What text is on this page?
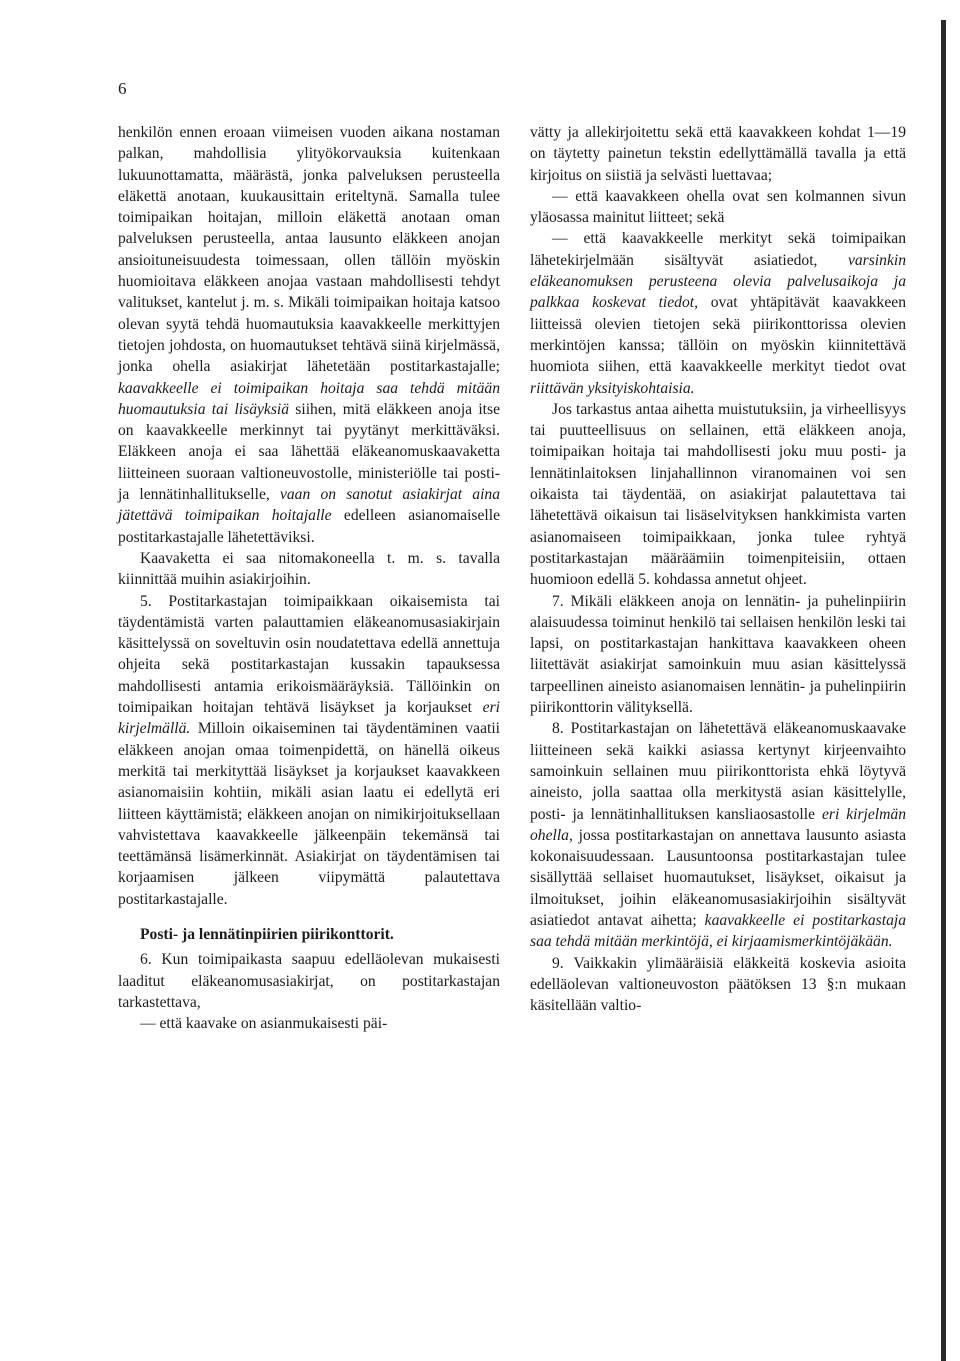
6

henkilön ennen eroaan viimeisen vuoden aikana nostaman palkan, mahdollisia ylityökorvauksia kuitenkaan lukuunottamatta, määrästä, jonka palveluksen perusteella eläkettä anotaan, kuukausittain eriteltynä. Samalla tulee toimipaikan hoitajan, milloin eläkettä anotaan oman palveluksen perusteella, antaa lausunto eläkkeen anojan ansioituneisuudesta toimessaan, ollen tällöin myöskin huomioitava eläkkeen anojaa vastaan mahdollisesti tehdyt valitukset, kantelut j. m. s. Mikäli toimipaikan hoitaja katsoo olevan syytä tehdä huomautuksia kaavakkeelle merkittyjen tietojen johdosta, on huomautukset tehtävä siinä kirjelmässä, jonka ohella asiakirjat lähetetään postitarkastajalle; kaavakkeelle ei toimipaikan hoitaja saa tehdä mitään huomautuksia tai lisäyksiä siihen, mitä eläkkeen anoja itse on kaavakkeelle merkinnyt tai pyytänyt merkittäväksi. Eläkkeen anoja ei saa lähettää eläkeanomuskaavaketta liitteineen suoraan valtioneuvostolle, ministeriölle tai posti- ja lennätinhallitukselle, vaan on sanotut asiakirjat aina jätettävä toimipaikan hoitajalle edelleen asianomaiselle postitarkastajalle lähetettäviksi.

Kaavaketta ei saa nitomakoneella t. m. s. tavalla kiinnittää muihin asiakirjoihin.

5. Postitarkastajan toimipaikkaan oikaisemista tai täydentämistä varten palauttamien eläkeanomusasiakirjain käsittelyssä on soveltuvin osin noudatettava edellä annettuja ohjeita sekä postitarkastajan kussakin tapauksessa mahdollisesti antamia erikoismääräyksiä. Tällöinkin on toimipaikan hoitajan tehtävä lisäykset ja korjaukset eri kirjelmällä. Milloin oikaiseminen tai täydentäminen vaatii eläkkeen anojan omaa toimenpidettä, on hänellä oikeus merkitä tai merkityttää lisäykset ja korjaukset kaavakkeen asianomaisiin kohtiin, mikäli asian laatu ei edellytä eri liitteen käyttämistä; eläkkeen anojan on nimikirjoituksellaan vahvistettava kaavakkeelle jälkeenpäin tekemänsä tai teettämänsä lisämerkinnät. Asiakirjat on täydentämisen tai korjaamisen jälkeen viipymättä palautettava postitarkastajalle.

Posti- ja lennätinpiirien piirikonttorit.

6. Kun toimipaikasta saapuu edelläolevan mukaisesti laaditut eläkeanomusasiakirjat, on postitarkastajan tarkastettava,

— että kaavake on asianmukaisesti päi-

vätty ja allekirjoitettu sekä että kaavakkeen kohdat 1—19 on täytetty painetun tekstin edellyttämällä tavalla ja että kirjoitus on siistiä ja selvästi luettavaa;

— että kaavakkeen ohella ovat sen kolmannen sivun yläosassa mainitut liitteet; sekä

— että kaavakkeelle merkityt sekä toimipaikan lähetekirjelmään sisältyvät asiatiedot, varsinkin eläkeanomuksen perusteena olevia palvelusaikoja ja palkkaa koskevat tiedot, ovat yhtäpitävät kaavakkeen liitteissä olevien tietojen sekä piirikonttorissa olevien merkintöjen kanssa; tällöin on myöskin kiinnitettävä huomiota siihen, että kaavakkeelle merkityt tiedot ovat riittävän yksityiskohtaisia.

Jos tarkastus antaa aihetta muistutuksiin, ja virheellisyys tai puutteellisuus on sellainen, että eläkkeen anoja, toimipaikan hoitaja tai mahdollisesti joku muu posti- ja lennätinlaitoksen linjahallinnon viranomainen voi sen oikaista tai täydentää, on asiakirjat palautettava tai lähetettävä oikaisun tai lisäselvityksen hankkimista varten asianomaiseen toimipaikkaan, jonka tulee ryhtyä postitarkastajan määräämiin toimenpiteisiin, ottaen huomioon edellä 5. kohdassa annetut ohjeet.

7. Mikäli eläkkeen anoja on lennätin- ja puhelinpiirin alaisuudessa toiminut henkilö tai sellaisen henkilön leski tai lapsi, on postitarkastajan hankittava kaavakkeen oheen liitettävät asiakirjat samoinkuin muu asian käsittelyssä tarpeellinen aineisto asianomaisen lennätin- ja puhelinpiirin piirikonttorin välityksellä.

8. Postitarkastajan on lähetettävä eläkeanomuskaavake liitteineen sekä kaikki asiassa kertynyt kirjeenvaihto samoinkuin sellainen muu piirikonttorista ehkä löytyvä aineisto, jolla saattaa olla merkitystä asian käsittelylle, posti- ja lennätinhallituksen kansliaosastolle eri kirjelmän ohella, jossa postitarkastajan on annettava lausunto asiasta kokonaisuudessaan. Lausuntoonsa postitarkastajan tulee sisällyttää sellaiset huomautukset, lisäykset, oikaisut ja ilmoitukset, joihin eläkeanomusasiakirjoihin sisältyvät asiatiedot antavat aihetta; kaavakkeelle ei postitarkastaja saa tehdä mitään merkintöjä, ei kirjaamismerkintöjäkään.

9. Vaikkakin ylimääräisiä eläkkeitä koskevia asioita edelläolevan valtioneuvoston päätöksen 13 §:n mukaan käsitellään valtio-
